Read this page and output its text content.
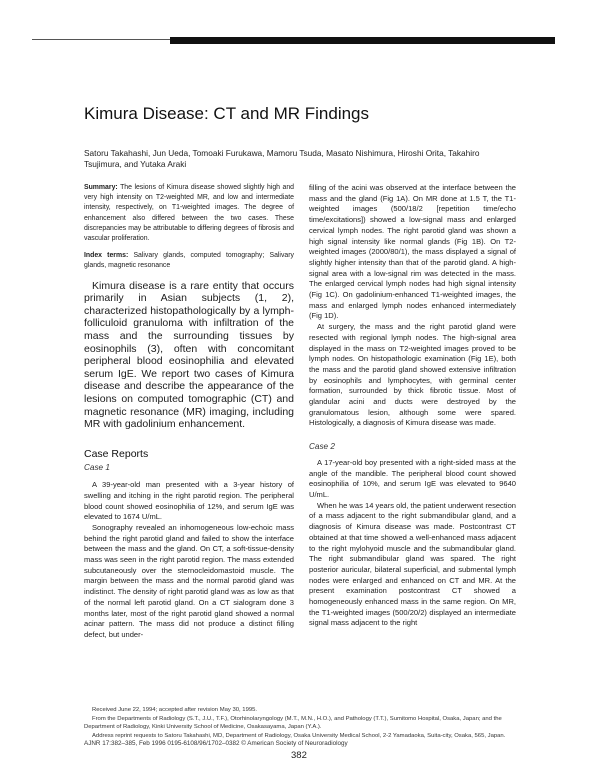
Kimura Disease: CT and MR Findings
Satoru Takahashi, Jun Ueda, Tomoaki Furukawa, Mamoru Tsuda, Masato Nishimura, Hiroshi Orita, Takahiro Tsujimura, and Yutaka Araki

Summary: The lesions of Kimura disease showed slightly high and very high intensity on T2-weighted MR, and low and intermediate intensity, respectively, on T1-weighted images. The degree of enhancement also differed between the two cases. These discrepancies may be attributable to differing degrees of fibrosis and vascular proliferation.

Index terms: Salivary glands, computed tomography; Salivary glands, magnetic resonance

Kimura disease is a rare entity that occurs primarily in Asian subjects (1, 2), characterized histopathologically by a lymph-folliculoid granuloma with infiltration of the mass and the surrounding tissues by eosinophils (3), often with concomitant peripheral blood eosinophilia and elevated serum IgE. We report two cases of Kimura disease and describe the appearance of the lesions on computed tomographic (CT) and magnetic resonance (MR) imaging, including MR with gadolinium enhancement.

Case Reports

Case 1

A 39-year-old man presented with a 3-year history of swelling and itching in the right parotid region. The peripheral blood count showed eosinophilia of 12%, and serum IgE was elevated to 1674 U/mL.

Sonography revealed an inhomogeneous low-echoic mass behind the right parotid gland and failed to show the interface between the mass and the gland. On CT, a soft-tissue-density mass was seen in the right parotid region. The mass extended subcutaneously over the sternocleidomastoid muscle. The margin between the mass and the normal parotid gland was indistinct. The density of right parotid gland was as low as that of the normal left parotid gland. On a CT sialogram done 3 months later, most of the right parotid gland showed a normal acinar pattern. The mass did not produce a distinct filling defect, but under-

filling of the acini was observed at the interface between the mass and the gland (Fig 1A). On MR done at 1.5 T, the T1-weighted images (500/18/2 [repetition time/echo time/excitations]) showed a low-signal mass and enlarged cervical lymph nodes. The right parotid gland was shown a high signal intensity like normal glands (Fig 1B). On T2-weighted images (2000/80/1), the mass displayed a signal of slightly higher intensity than that of the parotid gland. A high-signal area with a low-signal rim was detected in the mass. The enlarged cervical lymph nodes had high signal intensity (Fig 1C). On gadolinium-enhanced T1-weighted images, the mass and enlarged lymph nodes enhanced intermediately (Fig 1D).

At surgery, the mass and the right parotid gland were resected with regional lymph nodes. The high-signal area displayed in the mass on T2-weighted images proved to be lymph nodes. On histopathologic examination (Fig 1E), both the mass and the parotid gland showed extensive infiltration by eosinophils and lymphocytes, with germinal center formation, surrounded by thick fibrotic tissue. Most of glandular acini and ducts were destroyed by the granulomatous lesion, although some were spared. Histologically, a diagnosis of Kimura disease was made.

Case 2

A 17-year-old boy presented with a right-sided mass at the angle of the mandible. The peripheral blood count showed eosinophilia of 10%, and serum IgE was elevated to 9640 U/mL.

When he was 14 years old, the patient underwent resection of a mass adjacent to the right submandibular gland, and a diagnosis of Kimura disease was made. Postcontrast CT obtained at that time showed a well-enhanced mass adjacent to the right mylohyoid muscle and the submandibular gland. The right submandibular gland was spared. The right posterior auricular, bilateral superficial, and submental lymph nodes were enlarged and enhanced on CT and MR. At the present examination postcontrast CT showed a homogeneously enhanced mass in the same region. On MR, the T1-weighted images (500/20/2) displayed an intermediate signal mass adjacent to the right

Received June 22, 1994; accepted after revision May 30, 1995.

From the Departments of Radiology (S.T., J.U., T.F.), Otorhinolaryngology (M.T., M.N., H.O.), and Pathology (T.T.), Sumitomo Hospital, Osaka, Japan; and the Department of Radiology, Kinki University School of Medicine, Osakasayama, Japan (Y.A.).

Address reprint requests to Satoru Takahashi, MD, Department of Radiology, Osaka University Medical School, 2-2 Yamadaoka, Suita-city, Osaka, 565, Japan.

AJNR 17:382–385, Feb 1996 0195-6108/96/1702–0382 © American Society of Neuroradiology
382
